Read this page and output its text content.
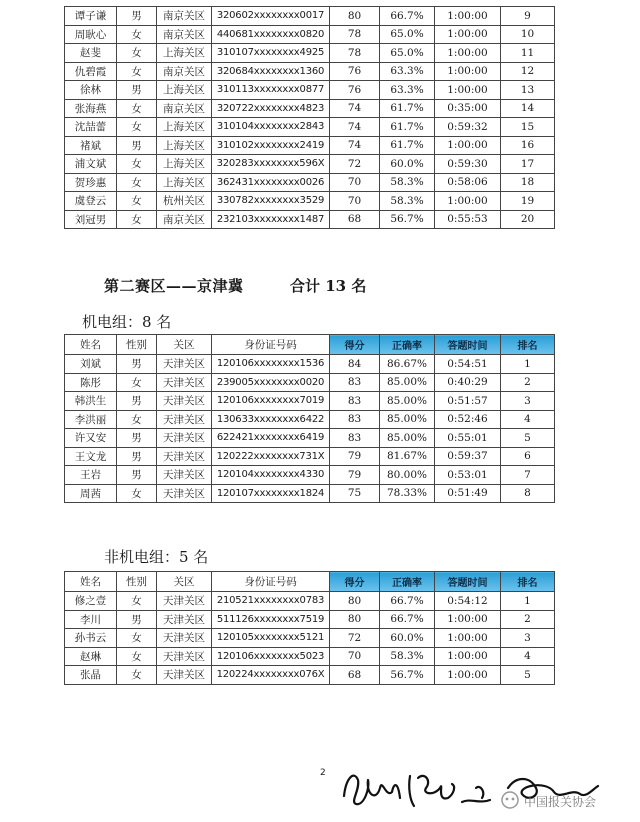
谭子谦	男	南京关区	320602xxxxxxxx0017	80	66.7%	1:00:00	9
周耿心	女	南京关区	440681xxxxxxxx0820	78	65.0%	1:00:00	10
赵斐	女	上海关区	310107xxxxxxxx4925	78	65.0%	1:00:00	11
仇碧霞	女	南京关区	320684xxxxxxxx1360	76	63.3%	1:00:00	12
徐林	男	上海关区	310113xxxxxxxx0877	76	63.3%	1:00:00	13
张海燕	女	南京关区	320722xxxxxxxx4823	74	61.7%	0:35:00	14
沈喆蕾	女	上海关区	310104xxxxxxxx2843	74	61.7%	0:59:32	15
褚斌	男	上海关区	310102xxxxxxxx2419	74	61.7%	1:00:00	16
浦文斌	女	上海关区	320283xxxxxxxx596X	72	60.0%	0:59:30	17
贺珍惠	女	上海关区	362431xxxxxxxx0026	70	58.3%	0:58:06	18
虞登云	女	杭州关区	330782xxxxxxxx3529	70	58.3%	1:00:00	19
刘冠男	女	南京关区	232103xxxxxxxx1487	68	56.7%	0:55:53	20
第二赛区——京津冀	合计 13 名
机电组：8 名
姓名	性别	关区	身份证号码	得分	正确率	答题时间	排名
刘斌	男	天津关区	120106xxxxxxxx1536	84	86.67%	0:54:51	1
陈彤	女	天津关区	239005xxxxxxxx0020	83	85.00%	0:40:29	2
韩洪生	男	天津关区	120106xxxxxxxx7019	83	85.00%	0:51:57	3
李洪丽	女	天津关区	130633xxxxxxxx6422	83	85.00%	0:52:46	4
许又安	男	天津关区	622421xxxxxxxx6419	83	85.00%	0:55:01	5
王文龙	男	天津关区	120222xxxxxxxx731X	79	81.67%	0:59:37	6
王岩	男	天津关区	120104xxxxxxxx4330	79	80.00%	0:53:01	7
周茜	女	天津关区	120107xxxxxxxx1824	75	78.33%	0:51:49	8
非机电组：5 名
姓名	性别	关区	身份证号码	得分	正确率	答题时间	排名
修之壹	女	天津关区	210521xxxxxxxx0783	80	66.7%	0:54:12	1
李川	男	天津关区	511126xxxxxxxx7519	80	66.7%	1:00:00	2
孙书云	女	天津关区	120105xxxxxxxx5121	72	60.0%	1:00:00	3
赵琳	女	天津关区	120106xxxxxxxx5023	70	58.3%	1:00:00	4
张晶	女	天津关区	120224xxxxxxxx076X	68	56.7%	1:00:00	5
2
中国报关协会
